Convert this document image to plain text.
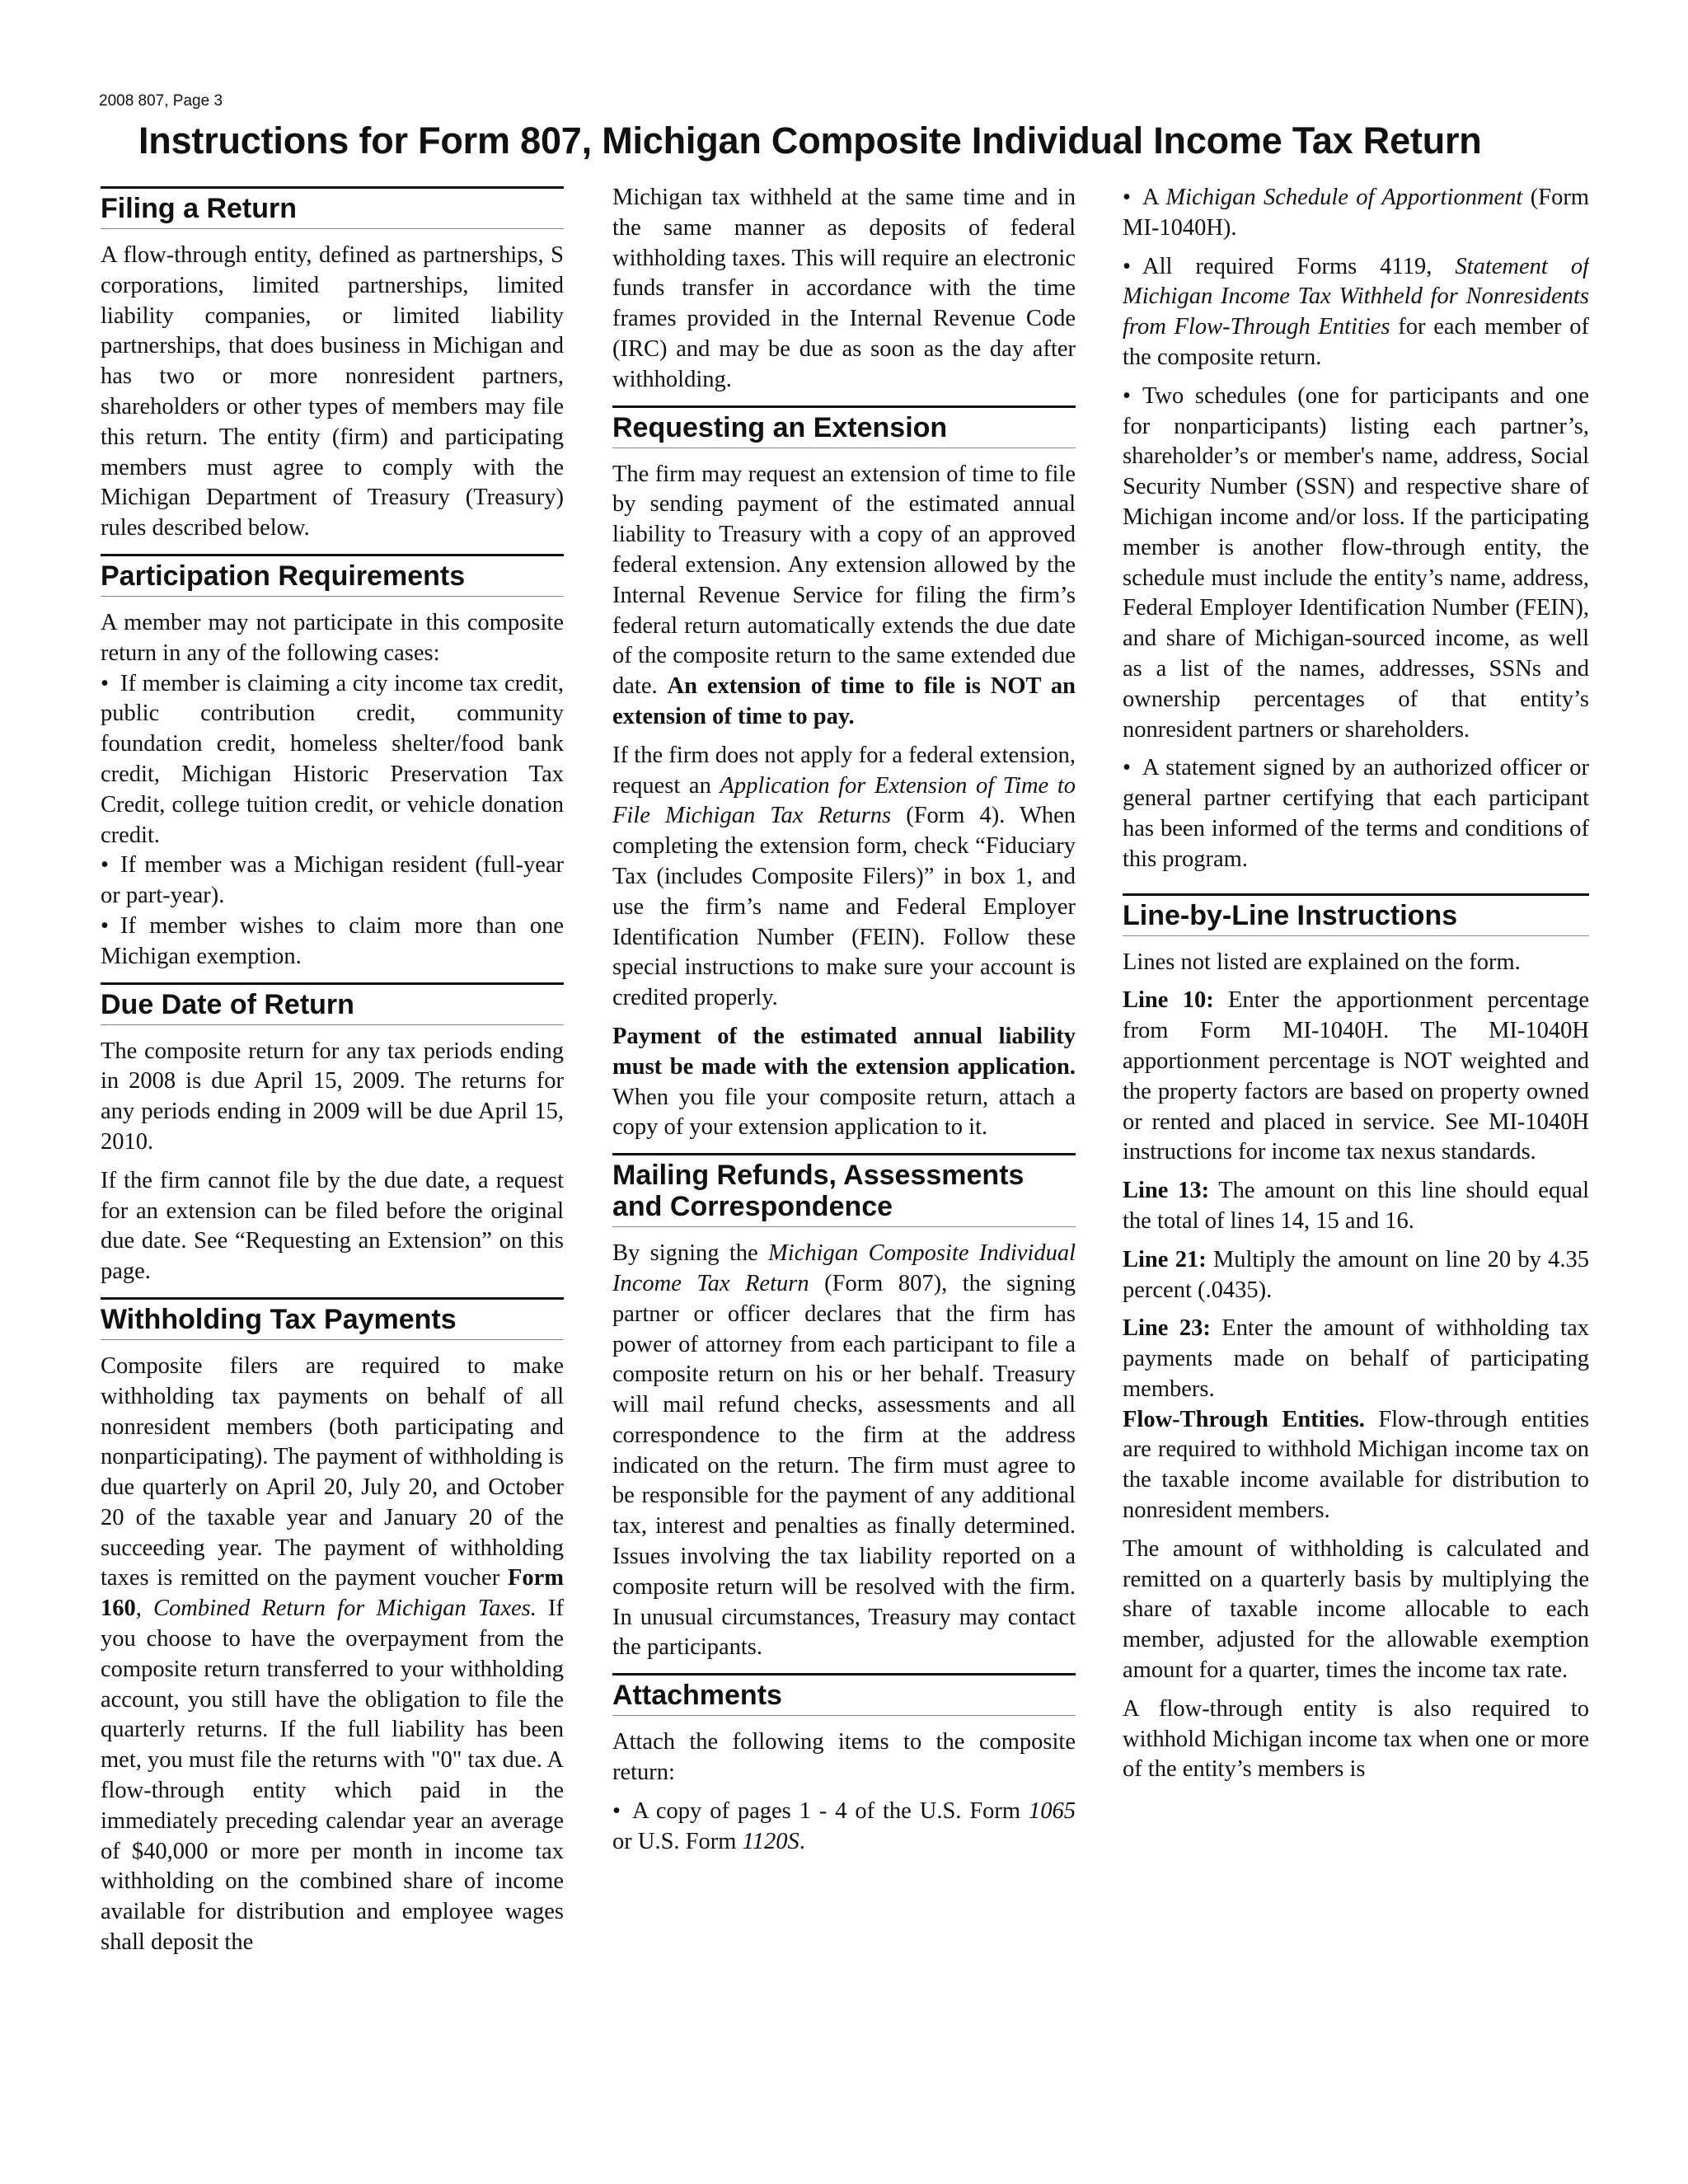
2008 807, Page 3
Instructions for Form 807, Michigan Composite Individual Income Tax Return
Filing a Return

A flow-through entity, defined as partnerships, S corporations, limited partnerships, limited liability companies, or limited liability partnerships, that does business in Michigan and has two or more nonresident partners, shareholders or other types of members may file this return. The entity (firm) and participating members must agree to comply with the Michigan Department of Treasury (Treasury) rules described below.

Participation Requirements

A member may not participate in this composite return in any of the following cases:

• If member is claiming a city income tax credit, public contribution credit, community foundation credit, homeless shelter/food bank credit, Michigan Historic Preservation Tax Credit, college tuition credit, or vehicle donation credit.

• If member was a Michigan resident (full-year or part-year).

• If member wishes to claim more than one Michigan exemption.

Due Date of Return

The composite return for any tax periods ending in 2008 is due April 15, 2009. The returns for any periods ending in 2009 will be due April 15, 2010.

If the firm cannot file by the due date, a request for an extension can be filed before the original due date. See “Requesting an Extension” on this page.

Withholding Tax Payments

Composite filers are required to make withholding tax payments on behalf of all nonresident members (both participating and nonparticipating). The payment of withholding is due quarterly on April 20, July 20, and October 20 of the taxable year and January 20 of the succeeding year. The payment of withholding taxes is remitted on the payment voucher Form 160, Combined Return for Michigan Taxes. If you choose to have the overpayment from the composite return transferred to your withholding account, you still have the obligation to file the quarterly returns. If the full liability has been met, you must file the returns with "0" tax due. A flow-through entity which paid in the immediately preceding calendar year an average of $40,000 or more per month in income tax withholding on the combined share of income available for distribution and employee wages shall deposit the

Michigan tax withheld at the same time and in the same manner as deposits of federal withholding taxes. This will require an electronic funds transfer in accordance with the time frames provided in the Internal Revenue Code (IRC) and may be due as soon as the day after withholding.

Requesting an Extension

The firm may request an extension of time to file by sending payment of the estimated annual liability to Treasury with a copy of an approved federal extension. Any extension allowed by the Internal Revenue Service for filing the firm’s federal return automatically extends the due date of the composite return to the same extended due date. An extension of time to file is NOT an extension of time to pay.

If the firm does not apply for a federal extension, request an Application for Extension of Time to File Michigan Tax Returns (Form 4). When completing the extension form, check “Fiduciary Tax (includes Composite Filers)” in box 1, and use the firm’s name and Federal Employer Identification Number (FEIN). Follow these special instructions to make sure your account is credited properly.

Payment of the estimated annual liability must be made with the extension application. When you file your composite return, attach a copy of your extension application to it.

Mailing Refunds, Assessments and Correspondence

By signing the Michigan Composite Individual Income Tax Return (Form 807), the signing partner or officer declares that the firm has power of attorney from each participant to file a composite return on his or her behalf. Treasury will mail refund checks, assessments and all correspondence to the firm at the address indicated on the return. The firm must agree to be responsible for the payment of any additional tax, interest and penalties as finally determined. Issues involving the tax liability reported on a composite return will be resolved with the firm. In unusual circumstances, Treasury may contact the participants.

Attachments

Attach the following items to the composite return:

• A copy of pages 1 - 4 of the U.S. Form 1065 or U.S. Form 1120S.

• A Michigan Schedule of Apportionment (Form MI-1040H).

• All required Forms 4119, Statement of Michigan Income Tax Withheld for Nonresidents from Flow-Through Entities for each member of the composite return.

• Two schedules (one for participants and one for nonparticipants) listing each partner’s, shareholder’s or member's name, address, Social Security Number (SSN) and respective share of Michigan income and/or loss. If the participating member is another flow-through entity, the schedule must include the entity’s name, address, Federal Employer Identification Number (FEIN), and share of Michigan-sourced income, as well as a list of the names, addresses, SSNs and ownership percentages of that entity’s nonresident partners or shareholders.

• A statement signed by an authorized officer or general partner certifying that each participant has been informed of the terms and conditions of this program.

Line-by-Line Instructions

Lines not listed are explained on the form.

Line 10: Enter the apportionment percentage from Form MI-1040H. The MI-1040H apportionment percentage is NOT weighted and the property factors are based on property owned or rented and placed in service. See MI-1040H instructions for income tax nexus standards.

Line 13: The amount on this line should equal the total of lines 14, 15 and 16.

Line 21: Multiply the amount on line 20 by 4.35 percent (.0435).

Line 23: Enter the amount of withholding tax payments made on behalf of participating members.

Flow-Through Entities. Flow-through entities are required to withhold Michigan income tax on the taxable income available for distribution to nonresident members.

The amount of withholding is calculated and remitted on a quarterly basis by multiplying the share of taxable income allocable to each member, adjusted for the allowable exemption amount for a quarter, times the income tax rate.

A flow-through entity is also required to withhold Michigan income tax when one or more of the entity’s members is
